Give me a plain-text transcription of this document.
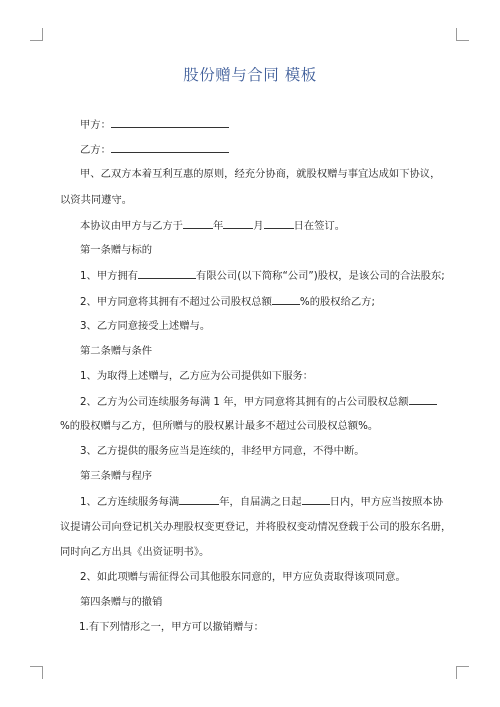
股份赠与合同 模板
甲方：
乙方：
甲、乙双方本着互利互惠的原则，经充分协商，就股权赠与事宜达成如下协议，
以资共同遵守。
本协议由甲方与乙方于	年	月	日在签订。
第一条赠与标的
1、甲方拥有	有限公司(以下简称“公司”)股权，是该公司的合法股东;
2、甲方同意将其拥有不超过公司股权总额	%的股权给乙方;
3、乙方同意接受上述赠与。
第二条赠与条件
1、为取得上述赠与，乙方应为公司提供如下服务：
2、乙方为公司连续服务每满 1 年，甲方同意将其拥有的占公司股权总额
%的股权赠与乙方，但所赠与的股权累计最多不超过公司股权总额%。
3、乙方提供的服务应当是连续的，非经甲方同意，不得中断。
第三条赠与程序
1、乙方连续服务每满	年，自届满之日起	日内，甲方应当按照本协
议提请公司向登记机关办理股权变更登记，并将股权变动情况登载于公司的股东名册，
同时向乙方出具《出资证明书》。
2、如此项赠与需征得公司其他股东同意的，甲方应负责取得该项同意。
第四条赠与的撤销
1.有下列情形之一，甲方可以撤销赠与：
